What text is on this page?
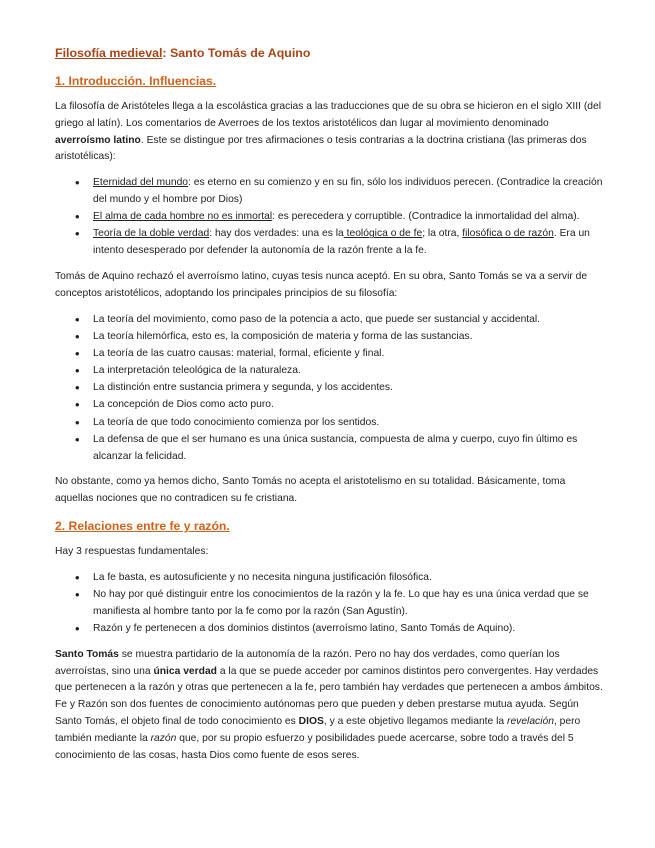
Filosofía medieval: Santo Tomás de Aquino
1. Introducción. Influencias.

La filosofía de Aristóteles llega a la escolástica gracias a las traducciones que de su obra se hicieron en el siglo XIII (del griego al latín). Los comentarios de Averroes de los textos aristotélicos dan lugar al movimiento denominado averroísmo latino. Este se distingue por tres afirmaciones o tesis contrarias a la doctrina cristiana (las primeras dos aristotélicas):

• Eternidad del mundo: es eterno en su comienzo y en su fin, sólo los individuos perecen. (Contradice la creación del mundo y el hombre por Dios)
• El alma de cada hombre no es inmortal: es perecedera y corruptible. (Contradice la inmortalidad del alma).
• Teoría de la doble verdad: hay dos verdades: una es la teológica o de fe; la otra, filosófica o de razón. Era un intento desesperado por defender la autonomía de la razón frente a la fe.

Tomás de Aquino rechazó el averroísmo latino, cuyas tesis nunca aceptó. En su obra, Santo Tomás se va a servir de conceptos aristotélicos, adoptando los principales principios de su filosofía:

• La teoría del movimiento, como paso de la potencia a acto, que puede ser sustancial y accidental.
• La teoría hilemórfica, esto es, la composición de materia y forma de las sustancias.
• La teoría de las cuatro causas: material, formal, eficiente y final.
• La interpretación teleológica de la naturaleza.
• La distinción entre sustancia primera y segunda, y los accidentes.
• La concepción de Dios como acto puro.
• La teoría de que todo conocimiento comienza por los sentidos.
• La defensa de que el ser humano es una única sustancia, compuesta de alma y cuerpo, cuyo fin último es alcanzar la felicidad.

No obstante, como ya hemos dicho, Santo Tomás no acepta el aristotelismo en su totalidad. Básicamente, toma aquellas nociones que no contradicen su fe cristiana.

2. Relaciones entre fe y razón.

Hay 3 respuestas fundamentales:

• La fe basta, es autosuficiente y no necesita ninguna justificación filosófica.
• No hay por qué distinguir entre los conocimientos de la razón y la fe. Lo que hay es una única verdad que se manifiesta al hombre tanto por la fe como por la razón (San Agustín).
• Razón y fe pertenecen a dos dominios distintos (averroísmo latino, Santo Tomás de Aquino).

Santo Tomás se muestra partidario de la autonomía de la razón. Pero no hay dos verdades, como querían los averroístas, sino una única verdad a la que se puede acceder por caminos distintos pero convergentes. Hay verdades que pertenecen a la razón y otras que pertenecen a la fe, pero también hay verdades que pertenecen a ambos ámbitos. Fe y Razón son dos fuentes de conocimiento autónomas pero que pueden y deben prestarse mutua ayuda. Según Santo Tomás, el objeto final de todo conocimiento es DIOS, y a este objetivo llegamos mediante la revelación, pero también mediante la razón que, por su propio esfuerzo y posibilidades puede acercarse, sobre todo a través del 5 conocimiento de las cosas, hasta Dios como fuente de esos seres.
